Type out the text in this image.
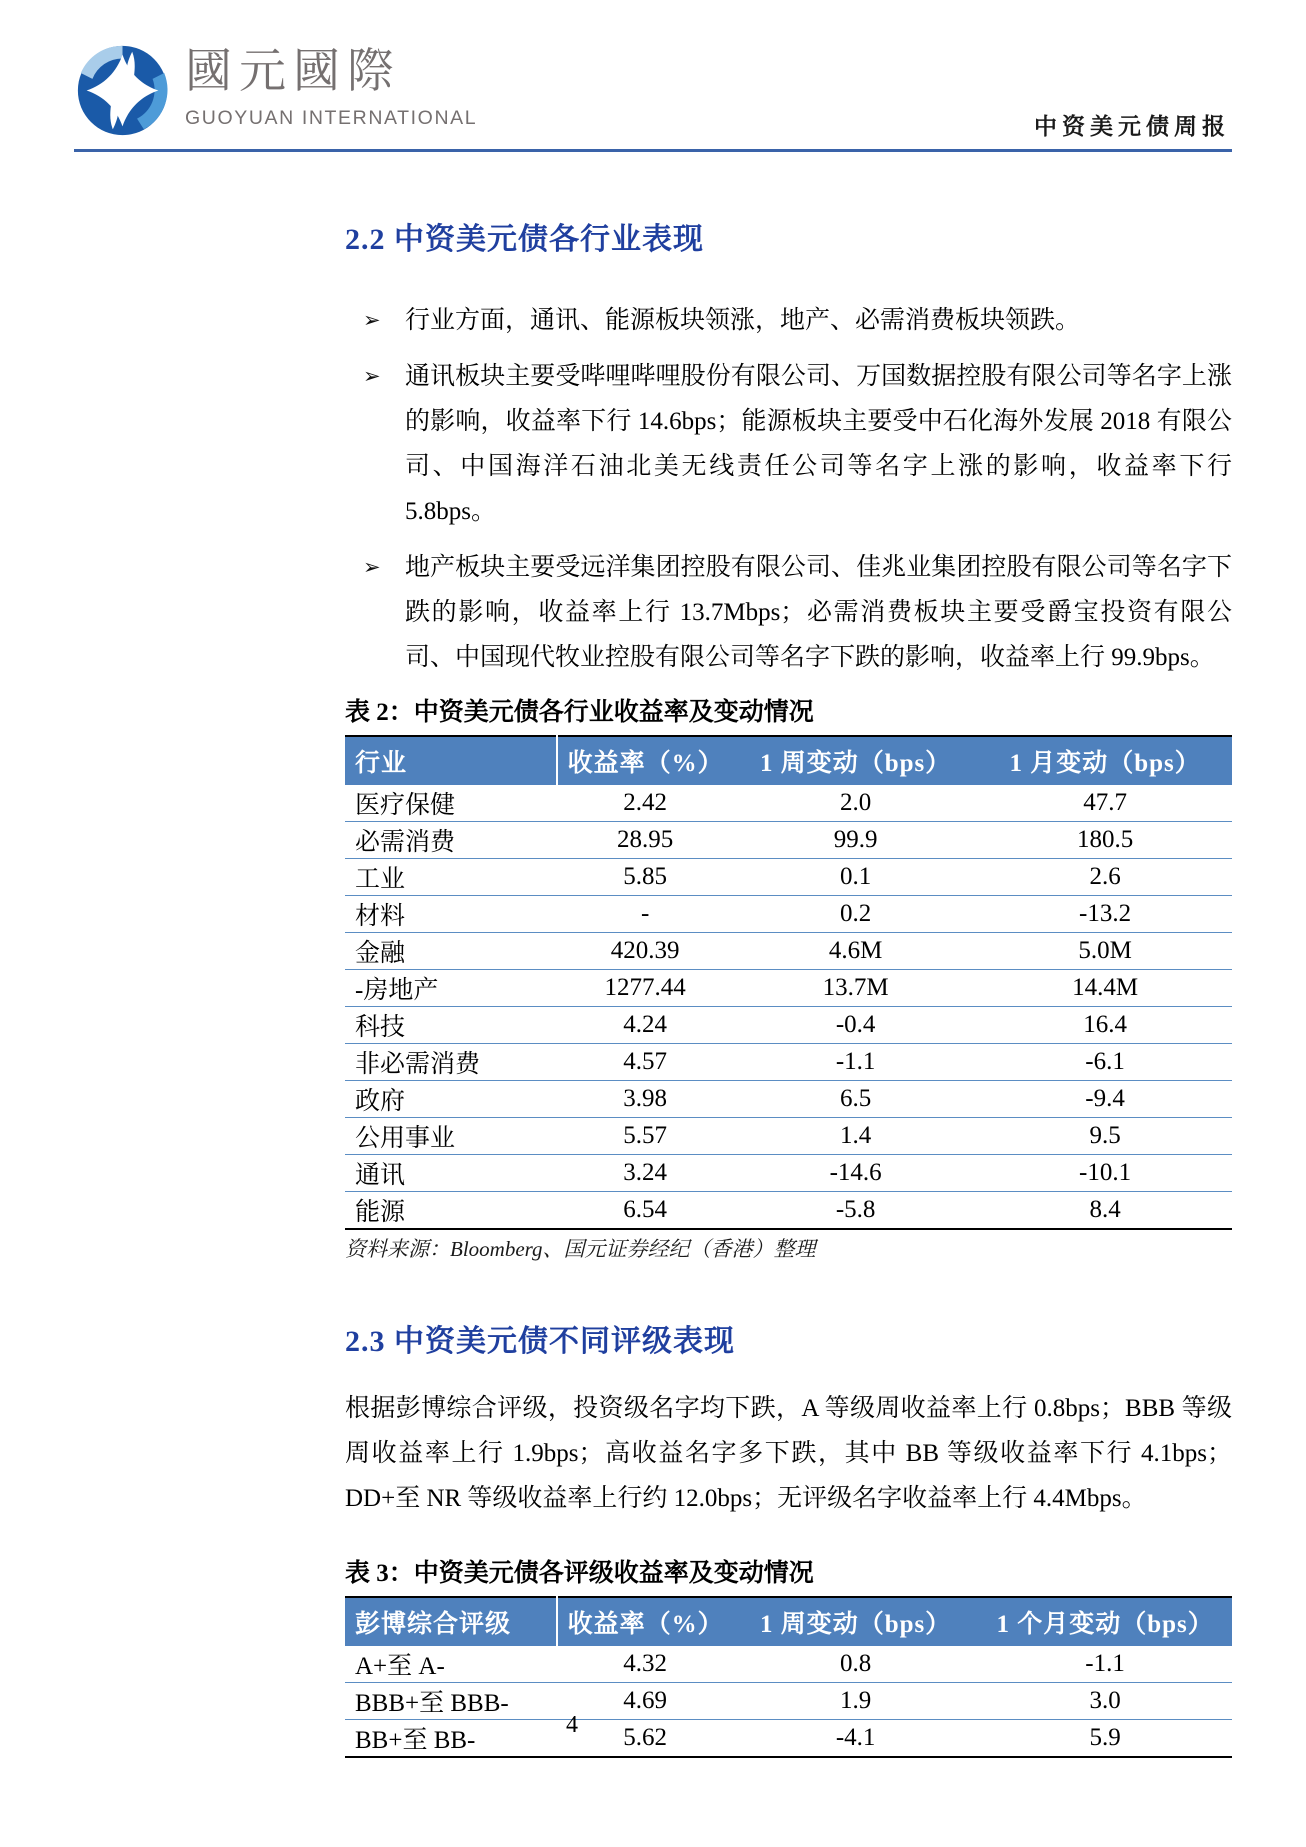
國元國際
GUOYUAN INTERNATIONAL	中资美元债周报
2.2 中资美元债各行业表现
➢ 行业方面，通讯、能源板块领涨，地产、必需消费板块领跌。
➢ 通讯板块主要受哔哩哔哩股份有限公司、万国数据控股有限公司等名字上涨的影响，收益率下行 14.6bps；能源板块主要受中石化海外发展 2018 有限公司、中国海洋石油北美无线责任公司等名字上涨的影响，收益率下行 5.8bps。
➢ 地产板块主要受远洋集团控股有限公司、佳兆业集团控股有限公司等名字下跌的影响，收益率上行 13.7Mbps；必需消费板块主要受爵宝投资有限公司、中国现代牧业控股有限公司等名字下跌的影响，收益率上行 99.9bps。
表 2：中资美元债各行业收益率及变动情况
行业	收益率（%）	1 周变动（bps）	1 月变动（bps）
医疗保健	2.42	2.0	47.7
必需消费	28.95	99.9	180.5
工业	5.85	0.1	2.6
材料	-	0.2	-13.2
金融	420.39	4.6M	5.0M
-房地产	1277.44	13.7M	14.4M
科技	4.24	-0.4	16.4
非必需消费	4.57	-1.1	-6.1
政府	3.98	6.5	-9.4
公用事业	5.57	1.4	9.5
通讯	3.24	-14.6	-10.1
能源	6.54	-5.8	8.4
资料来源：Bloomberg、国元证券经纪（香港）整理
2.3 中资美元债不同评级表现
根据彭博综合评级，投资级名字均下跌，A 等级周收益率上行 0.8bps；BBB 等级周收益率上行 1.9bps；高收益名字多下跌，其中 BB 等级收益率下行 4.1bps；DD+至 NR 等级收益率上行约 12.0bps；无评级名字收益率上行 4.4Mbps。
表 3：中资美元债各评级收益率及变动情况
彭博综合评级	收益率（%）	1 周变动（bps）	1 个月变动（bps）
A+至 A-	4.32	0.8	-1.1
BBB+至 BBB-	4.69	1.9	3.0
BB+至 BB-	5.62	-4.1	5.9
4
